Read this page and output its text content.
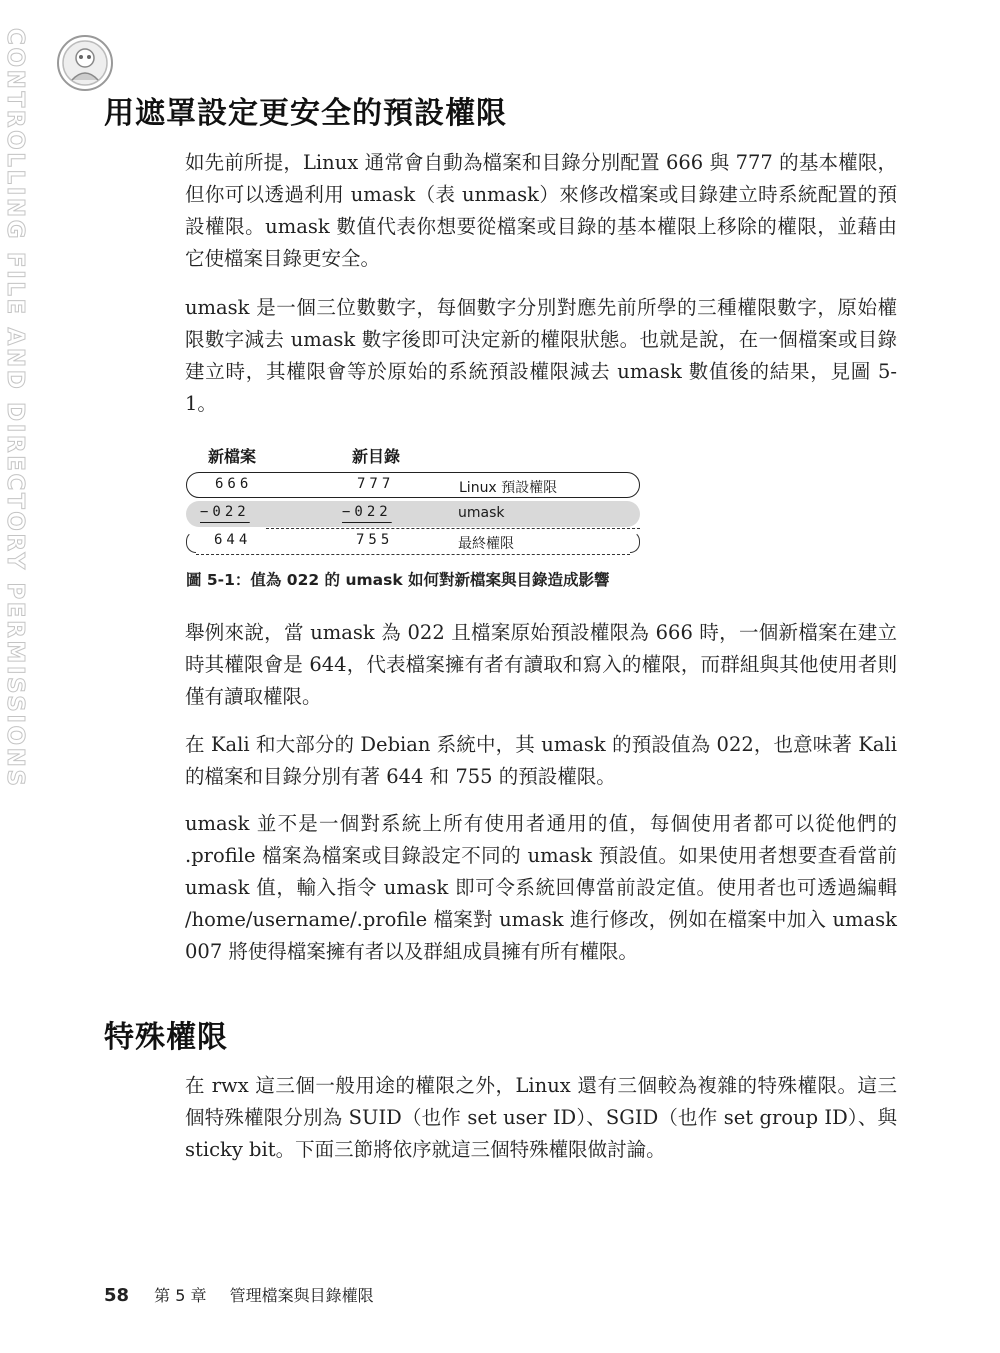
CONTROLLING FILE AND DIRECTORY PERMISSIONS	用遮罩設定更安全的預設權限

如先前所提，Linux 通常會自動為檔案和目錄分別配置 666 與 777 的基本權限，但你可以透過利用 umask（表 unmask）來修改檔案或目錄建立時系統配置的預設權限。umask 數值代表你想要從檔案或目錄的基本權限上移除的權限，並藉由它使檔案目錄更安全。

umask 是一個三位數數字，每個數字分別對應先前所學的三種權限數字，原始權限數字減去 umask 數字後即可決定新的權限狀態。也就是說，在一個檔案或目錄建立時，其權限會等於原始的系統預設權限減去 umask 數值後的結果，見圖 5-1。

新檔案	新目錄
666	777	Linux 預設權限
−022	−022	umask
644	755	最終權限
圖 5-1：值為 022 的 umask 如何對新檔案與目錄造成影響

舉例來說，當 umask 為 022 且檔案原始預設權限為 666 時，一個新檔案在建立時其權限會是 644，代表檔案擁有者有讀取和寫入的權限，而群組與其他使用者則僅有讀取權限。

在 Kali 和大部分的 Debian 系統中，其 umask 的預設值為 022，也意味著 Kali 的檔案和目錄分別有著 644 和 755 的預設權限。

umask 並不是一個對系統上所有使用者通用的值，每個使用者都可以從他們的 .profile 檔案為檔案或目錄設定不同的 umask 預設值。如果使用者想要查看當前 umask 值，輸入指令 umask 即可令系統回傳當前設定值。使用者也可透過編輯 /home/username/.profile 檔案對 umask 進行修改，例如在檔案中加入 umask 007 將使得檔案擁有者以及群組成員擁有所有權限。

特殊權限

在 rwx 這三個一般用途的權限之外，Linux 還有三個較為複雜的特殊權限。這三個特殊權限分別為 SUID（也作 set user ID）、SGID（也作 set group ID）、與 sticky bit。下面三節將依序就這三個特殊權限做討論。

58 第 5 章 管理檔案與目錄權限
